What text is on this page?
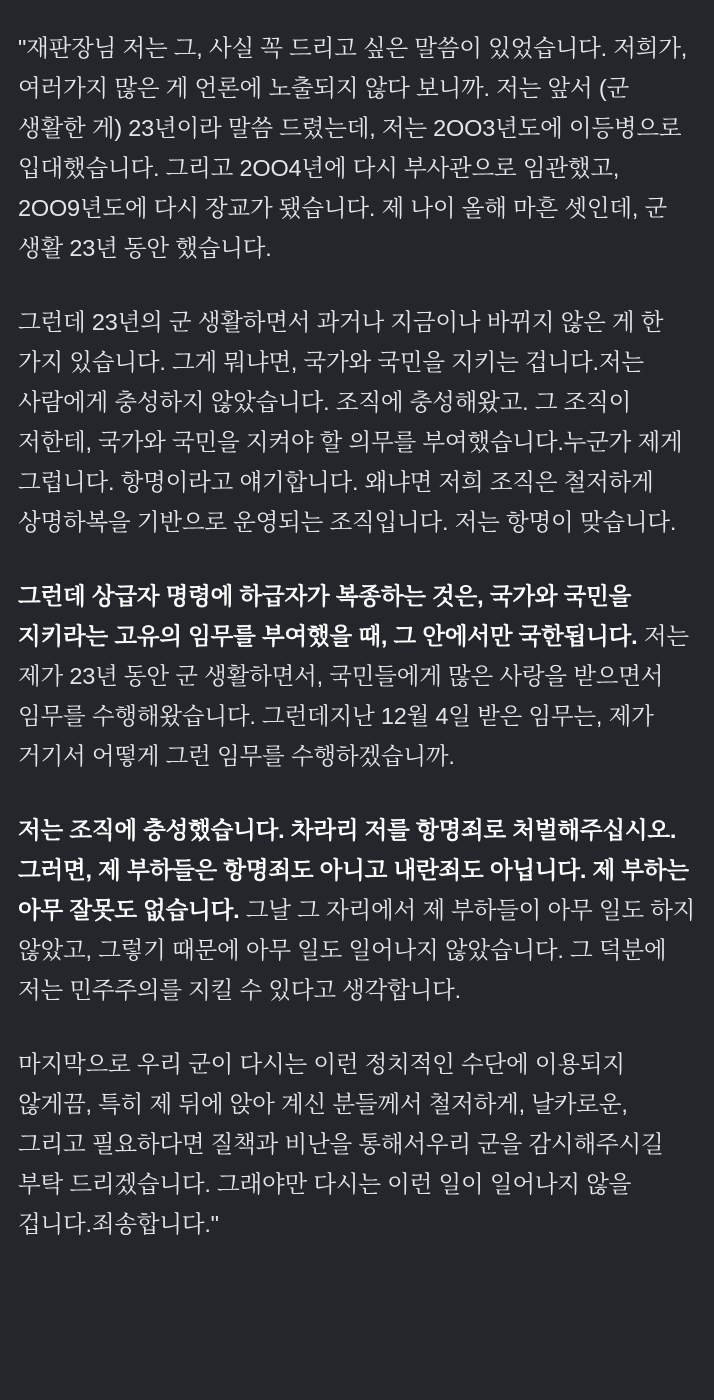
"재판장님 저는 그, 사실 꼭 드리고 싶은 말씀이 있었습니다. 저희가, 여러가지 많은 게 언론에 노출되지 않다 보니까. 저는 앞서 (군 생활한 게) 23년이라 말씀 드렸는데, 저는 2OO3년도에 이등병으로 입대했습니다. 그리고 2OO4년에 다시 부사관으로 임관했고, 2OO9년도에 다시 장교가 됐습니다. 제 나이 올해 마흔 셋인데, 군 생활 23년 동안 했습니다.
그런데 23년의 군 생활하면서 과거나 지금이나 바뀌지 않은 게 한 가지 있습니다. 그게 뭐냐면, 국가와 국민을 지키는 겁니다.저는 사람에게 충성하지 않았습니다. 조직에 충성해왔고. 그 조직이 저한테, 국가와 국민을 지켜야 할 의무를 부여했습니다.누군가 제게 그럽니다. 항명이라고 얘기합니다. 왜냐면 저희 조직은 철저하게 상명하복을 기반으로 운영되는 조직입니다. 저는 항명이 맞습니다.
그런데 상급자 명령에 하급자가 복종하는 것은, 국가와 국민을 지키라는 고유의 임무를 부여했을 때, 그 안에서만 국한됩니다. 저는 제가 23년 동안 군 생활하면서, 국민들에게 많은 사랑을 받으면서 임무를 수행해왔습니다. 그런데지난 12월 4일 받은 임무는, 제가 거기서 어떻게 그런 임무를 수행하겠습니까.
저는 조직에 충성했습니다. 차라리 저를 항명죄로 처벌해주십시오. 그러면, 제 부하들은 항명죄도 아니고 내란죄도 아닙니다. 제 부하는 아무 잘못도 없습니다. 그날 그 자리에서 제 부하들이 아무 일도 하지 않았고, 그렇기 때문에 아무 일도 일어나지 않았습니다. 그 덕분에 저는 민주주의를 지킬 수 있다고 생각합니다.
마지막으로 우리 군이 다시는 이런 정치적인 수단에 이용되지 않게끔, 특히 제 뒤에 앉아 계신 분들께서 철저하게, 날카로운, 그리고 필요하다면 질책과 비난을 통해서우리 군을 감시해주시길 부탁 드리겠습니다. 그래야만 다시는 이런 일이 일어나지 않을 겁니다.죄송합니다."
